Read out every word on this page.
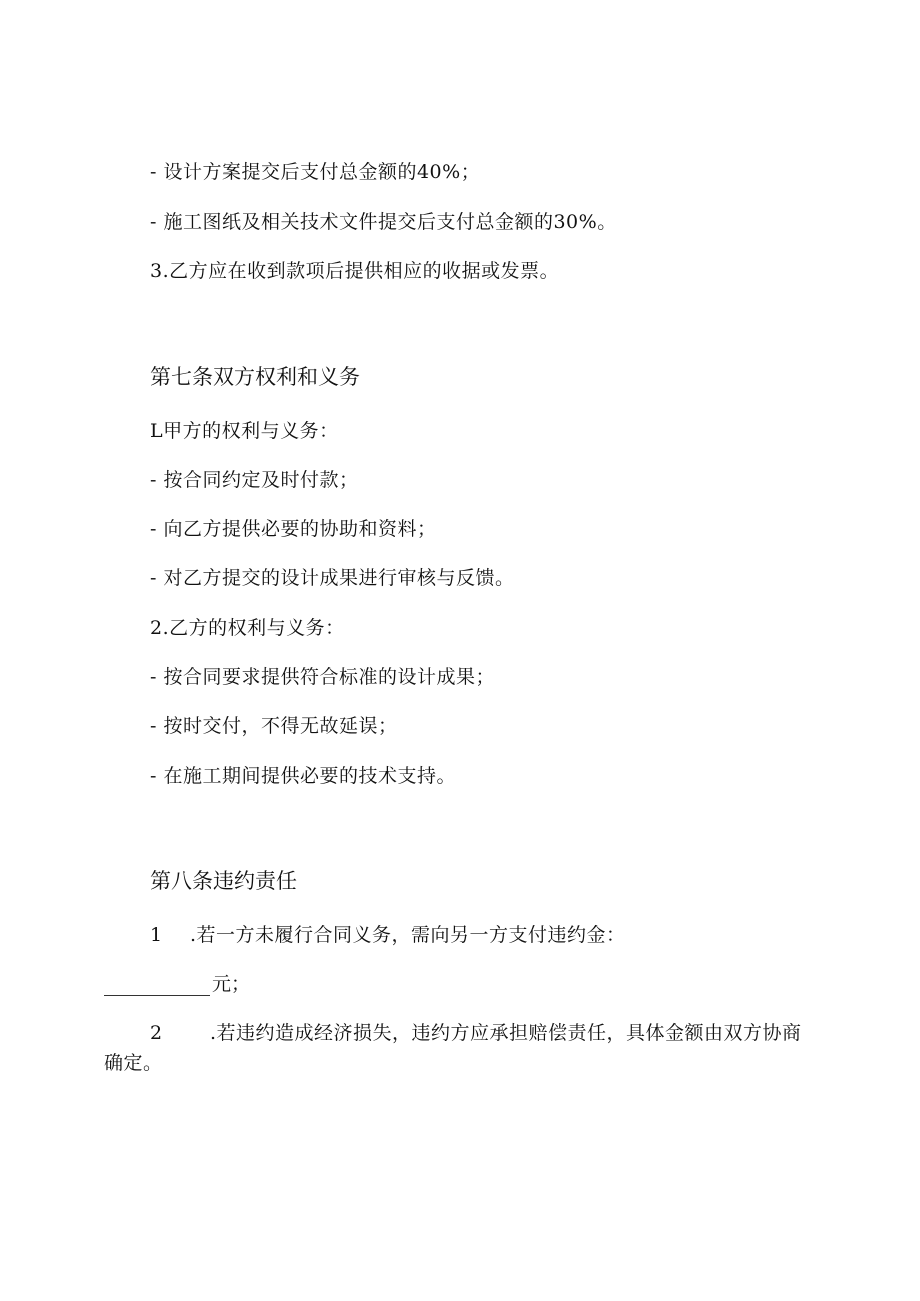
- 设计方案提交后支付总金额的40%；
- 施工图纸及相关技术文件提交后支付总金额的30%。
3.乙方应在收到款项后提供相应的收据或发票。
第七条双方权利和义务
L甲方的权利与义务：
- 按合同约定及时付款；
- 向乙方提供必要的协助和资料；
- 对乙方提交的设计成果进行审核与反馈。
2.乙方的权利与义务：
- 按合同要求提供符合标准的设计成果；
- 按时交付，不得无故延误；
- 在施工期间提供必要的技术支持。
第八条违约责任
1 .若一方未履行合同义务，需向另一方支付违约金：
元；
2 .若违约造成经济损失，违约方应承担赔偿责任，具体金额由双方协商确定。
